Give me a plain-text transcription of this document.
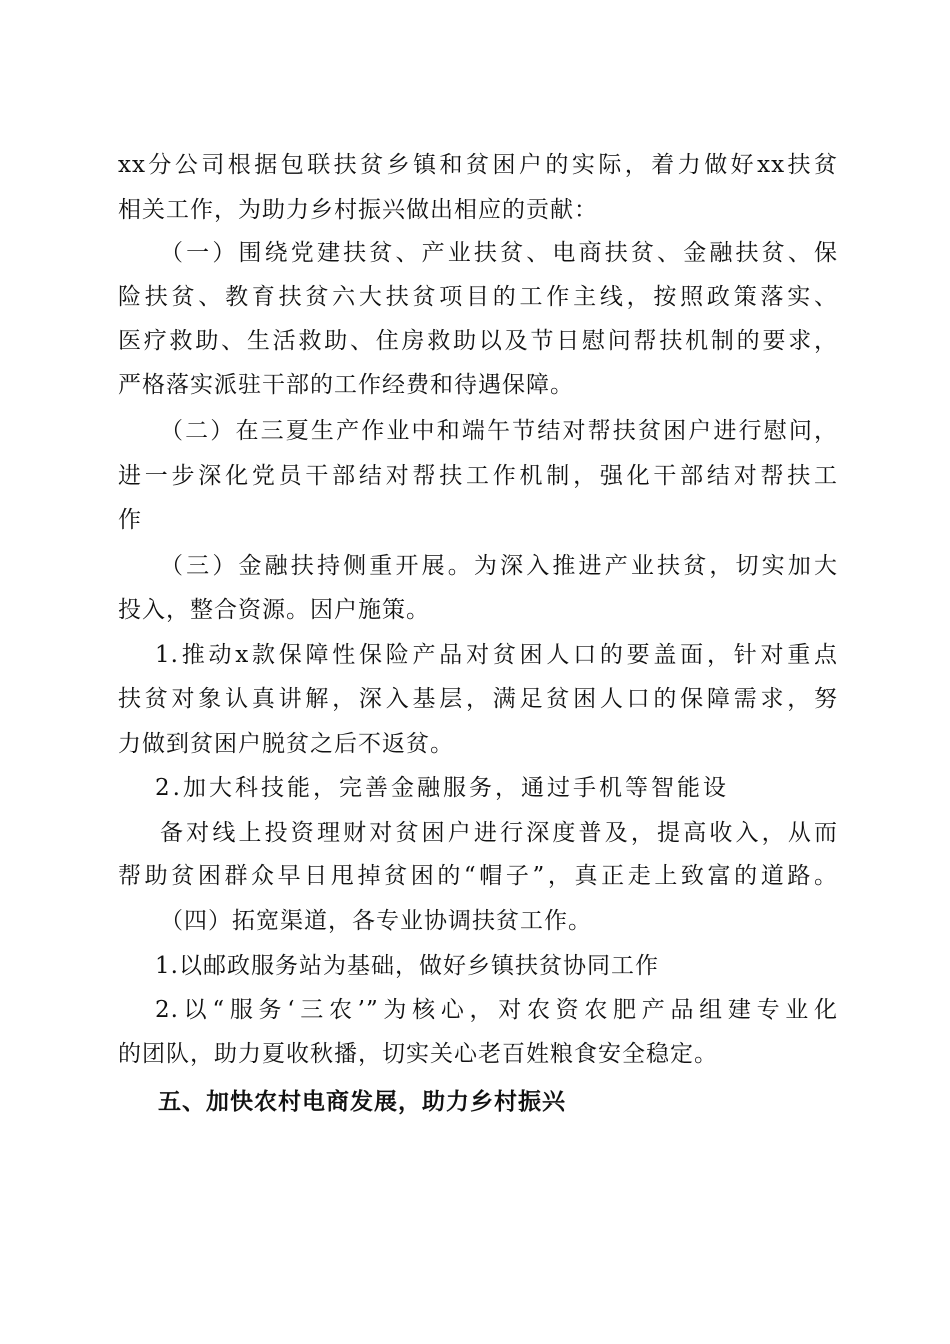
xx分公司根据包联扶贫乡镇和贫困户的实际，着力做好xx扶贫
相关工作，为助力乡村振兴做出相应的贡献：
（一）围绕党建扶贫、产业扶贫、电商扶贫、金融扶贫、保
险扶贫、教育扶贫六大扶贫项目的工作主线，按照政策落实、
医疗救助、生活救助、住房救助以及节日慰问帮扶机制的要求，
严格落实派驻干部的工作经费和待遇保障。
（二）在三夏生产作业中和端午节结对帮扶贫困户进行慰问，
进一步深化党员干部结对帮扶工作机制，强化干部结对帮扶工
作
（三）金融扶持侧重开展。为深入推进产业扶贫，切实加大
投入，整合资源。因户施策。
1.推动x款保障性保险产品对贫困人口的要盖面，针对重点
扶贫对象认真讲解，深入基层，满足贫困人口的保障需求，努
力做到贫困户脱贫之后不返贫。
2.加大科技能，完善金融服务，通过手机等智能设
备对线上投资理财对贫困户进行深度普及，提高收入，从而
帮助贫困群众早日甩掉贫困的“帽子”，真正走上致富的道路。
（四）拓宽渠道，各专业协调扶贫工作。
1.以邮政服务站为基础，做好乡镇扶贫协同工作
2.以“服务‘三农’”为核心，对农资农肥产品组建专业化
的团队，助力夏收秋播，切实关心老百姓粮食安全稳定。
五、加快农村电商发展，助力乡村振兴
